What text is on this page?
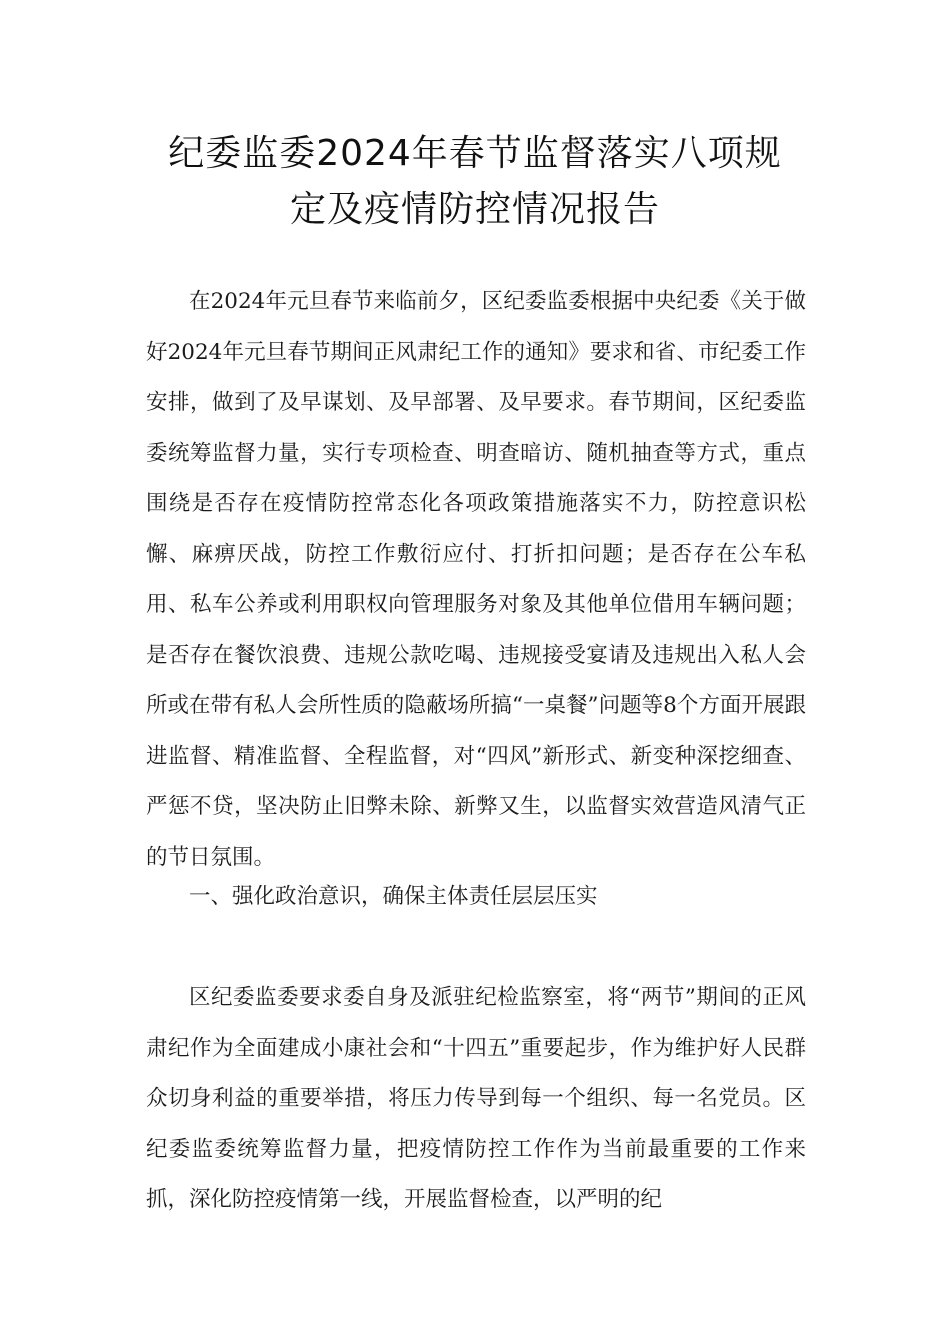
纪委监委2024年春节监督落实八项规
定及疫情防控情况报告

在2024年元旦春节来临前夕，区纪委监委根据中央纪委《关于做好2024年元旦春节期间正风肃纪工作的通知》要求和省、市纪委工作安排，做到了及早谋划、及早部署、及早要求。春节期间，区纪委监委统筹监督力量，实行专项检查、明查暗访、随机抽查等方式，重点围绕是否存在疫情防控常态化各项政策措施落实不力，防控意识松懈、麻痹厌战，防控工作敷衍应付、打折扣问题；是否存在公车私用、私车公养或利用职权向管理服务对象及其他单位借用车辆问题；是否存在餐饮浪费、违规公款吃喝、违规接受宴请及违规出入私人会所或在带有私人会所性质的隐蔽场所搞“一桌餐”问题等8个方面开展跟进监督、精准监督、全程监督，对“四风”新形式、新变种深挖细查、严惩不贷，坚决防止旧弊未除、新弊又生，以监督实效营造风清气正的节日氛围。

一、强化政治意识，确保主体责任层层压实

区纪委监委要求委自身及派驻纪检监察室，将“两节”期间的正风肃纪作为全面建成小康社会和“十四五”重要起步，作为维护好人民群众切身利益的重要举措，将压力传导到每一个组织、每一名党员。区纪委监委统筹监督力量，把疫情防控工作作为当前最重要的工作来抓，深化防控疫情第一线，开展监督检查，以严明的纪
